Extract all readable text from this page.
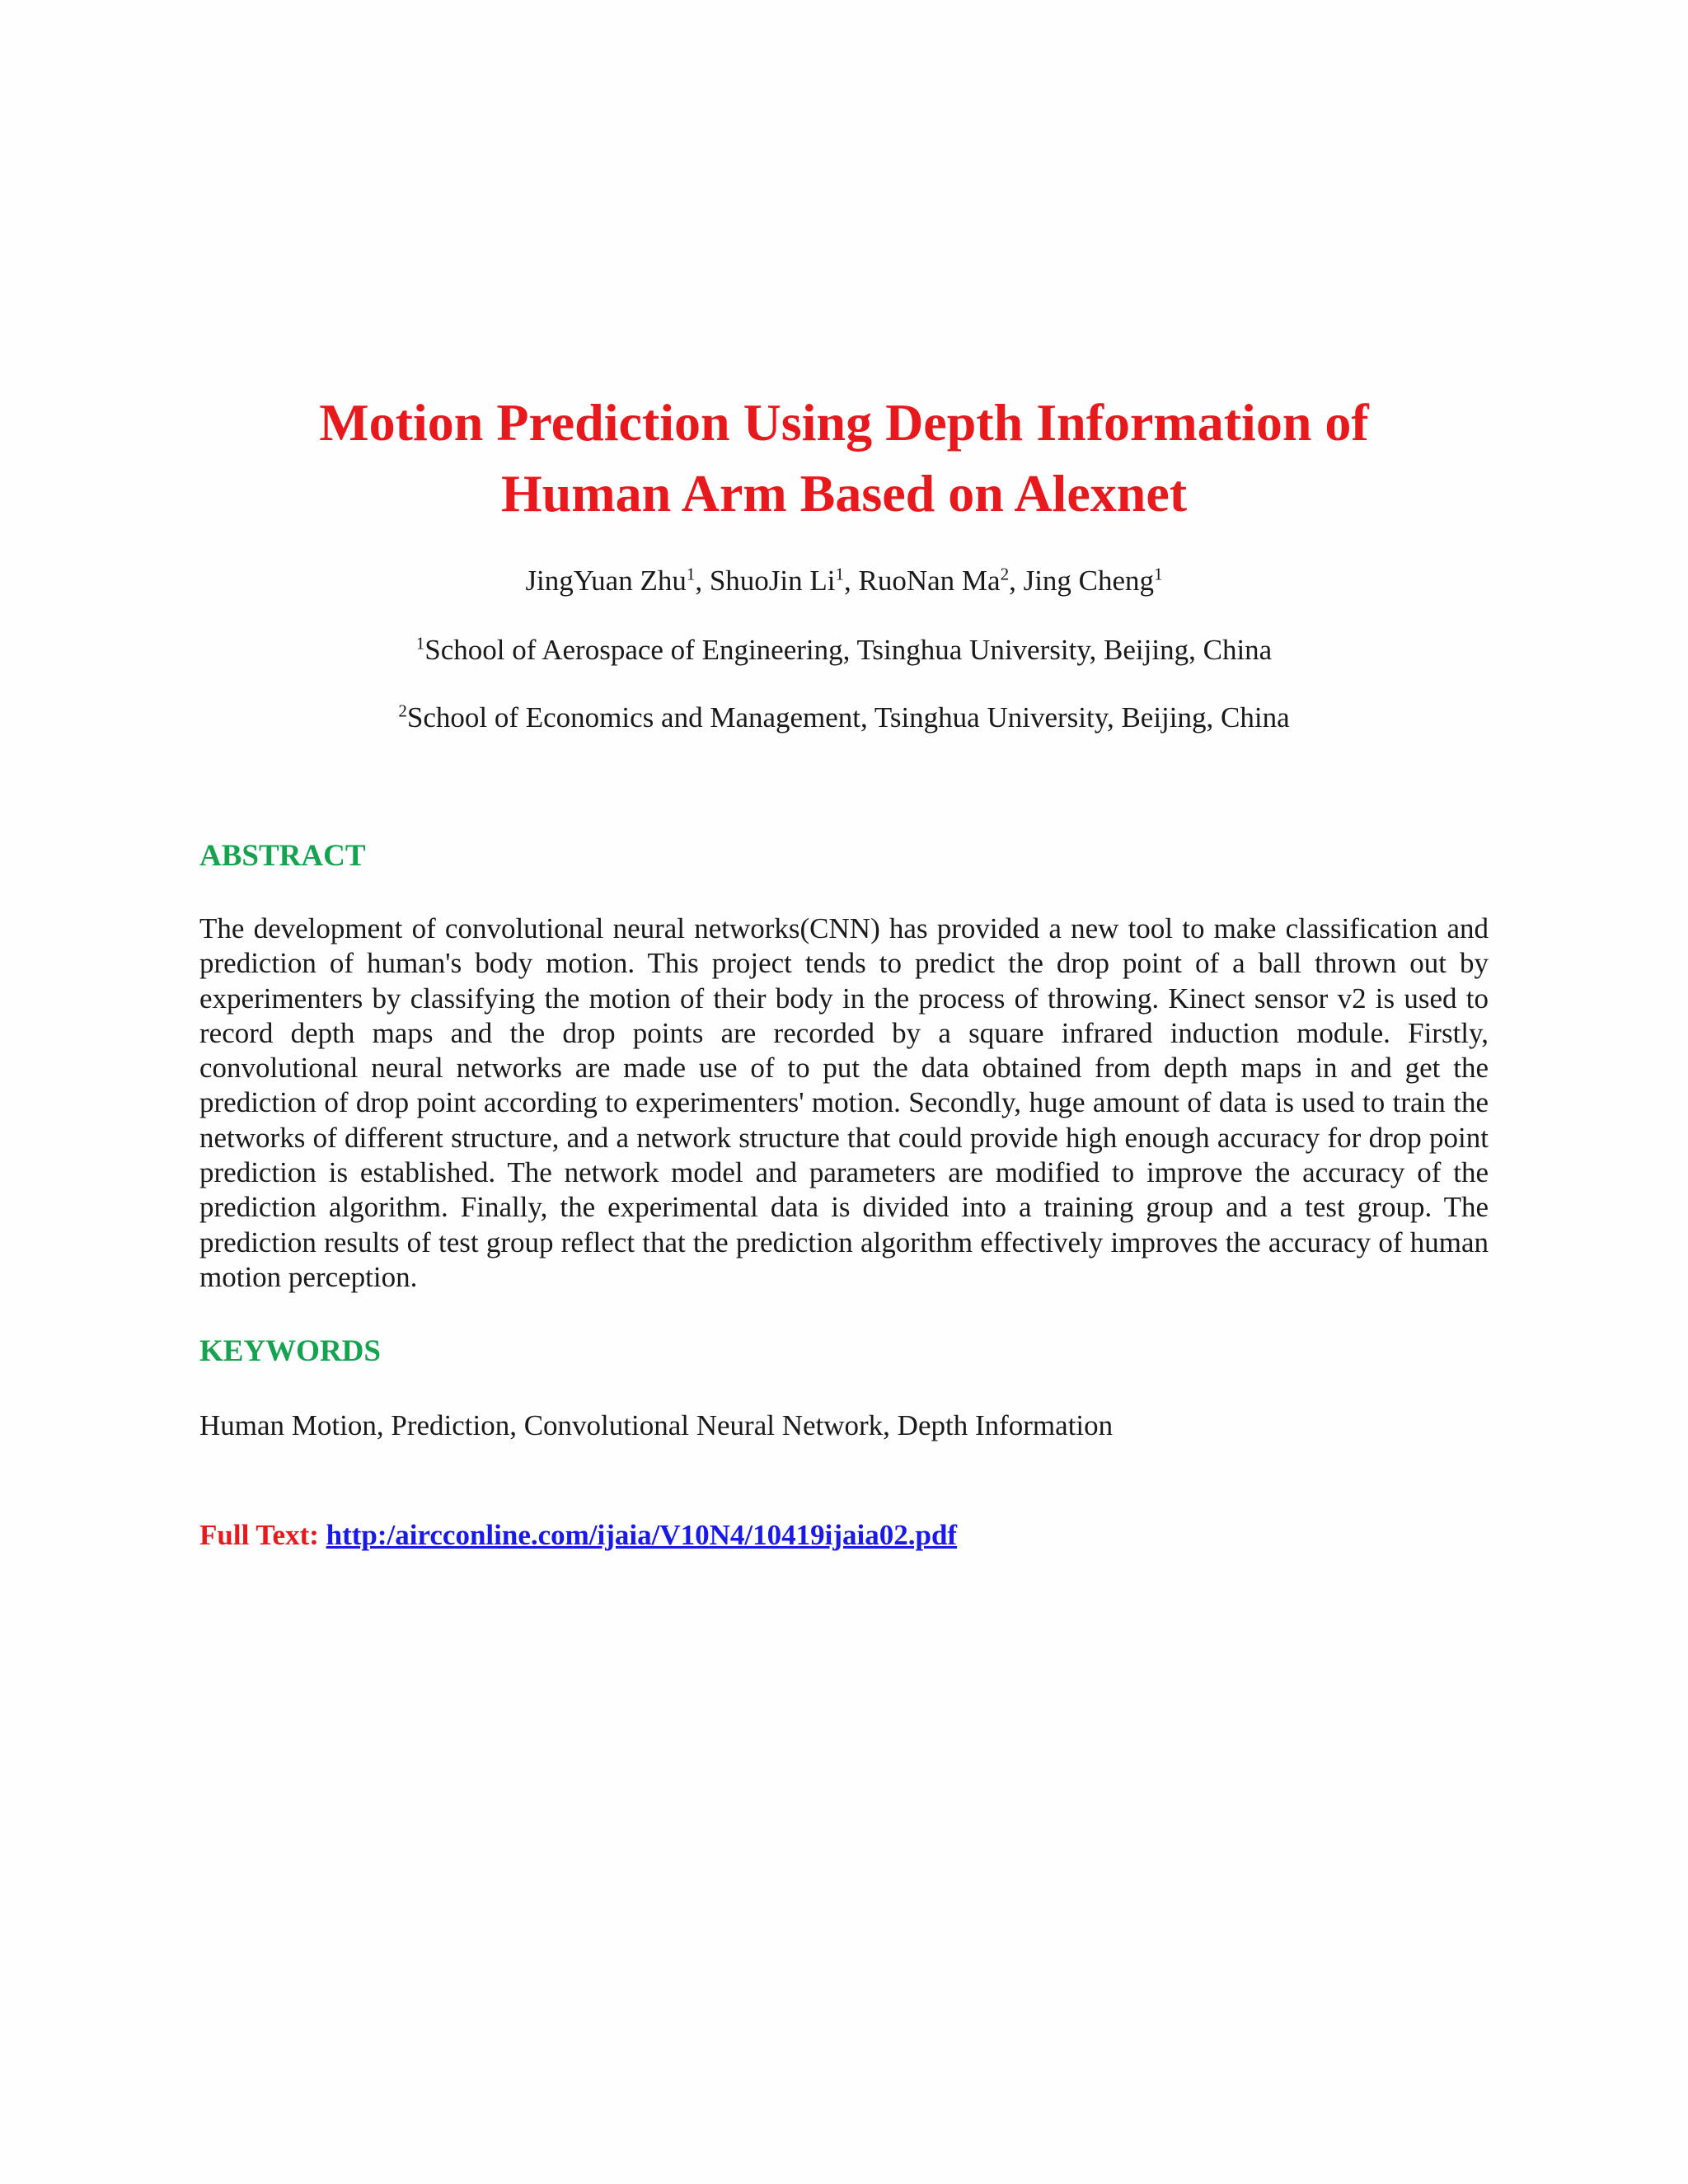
Motion Prediction Using Depth Information of
Human Arm Based on Alexnet
JingYuan Zhu$^1$, ShuoJin Li$^1$, RuoNan Ma$^2$, Jing Cheng$^1$
$^1$School of Aerospace of Engineering, Tsinghua University, Beijing, China
$^2$School of Economics and Management, Tsinghua University, Beijing, China
ABSTRACT
The development of convolutional neural networks(CNN) has provided a new tool to make classification and prediction of human's body motion. This project tends to predict the drop point of a ball thrown out by experimenters by classifying the motion of their body in the process of throwing. Kinect sensor v2 is used to record depth maps and the drop points are recorded by a square infrared induction module. Firstly, convolutional neural networks are made use of to put the data obtained from depth maps in and get the prediction of drop point according to experimenters' motion. Secondly, huge amount of data is used to train the networks of different structure, and a network structure that could provide high enough accuracy for drop point prediction is established. The network model and parameters are modified to improve the accuracy of the prediction algorithm. Finally, the experimental data is divided into a training group and a test group. The prediction results of test group reflect that the prediction algorithm effectively improves the accuracy of human motion perception.
KEYWORDS
Human Motion, Prediction, Convolutional Neural Network, Depth Information
Full Text: http:/aircconline.com/ijaia/V10N4/10419ijaia02.pdf
